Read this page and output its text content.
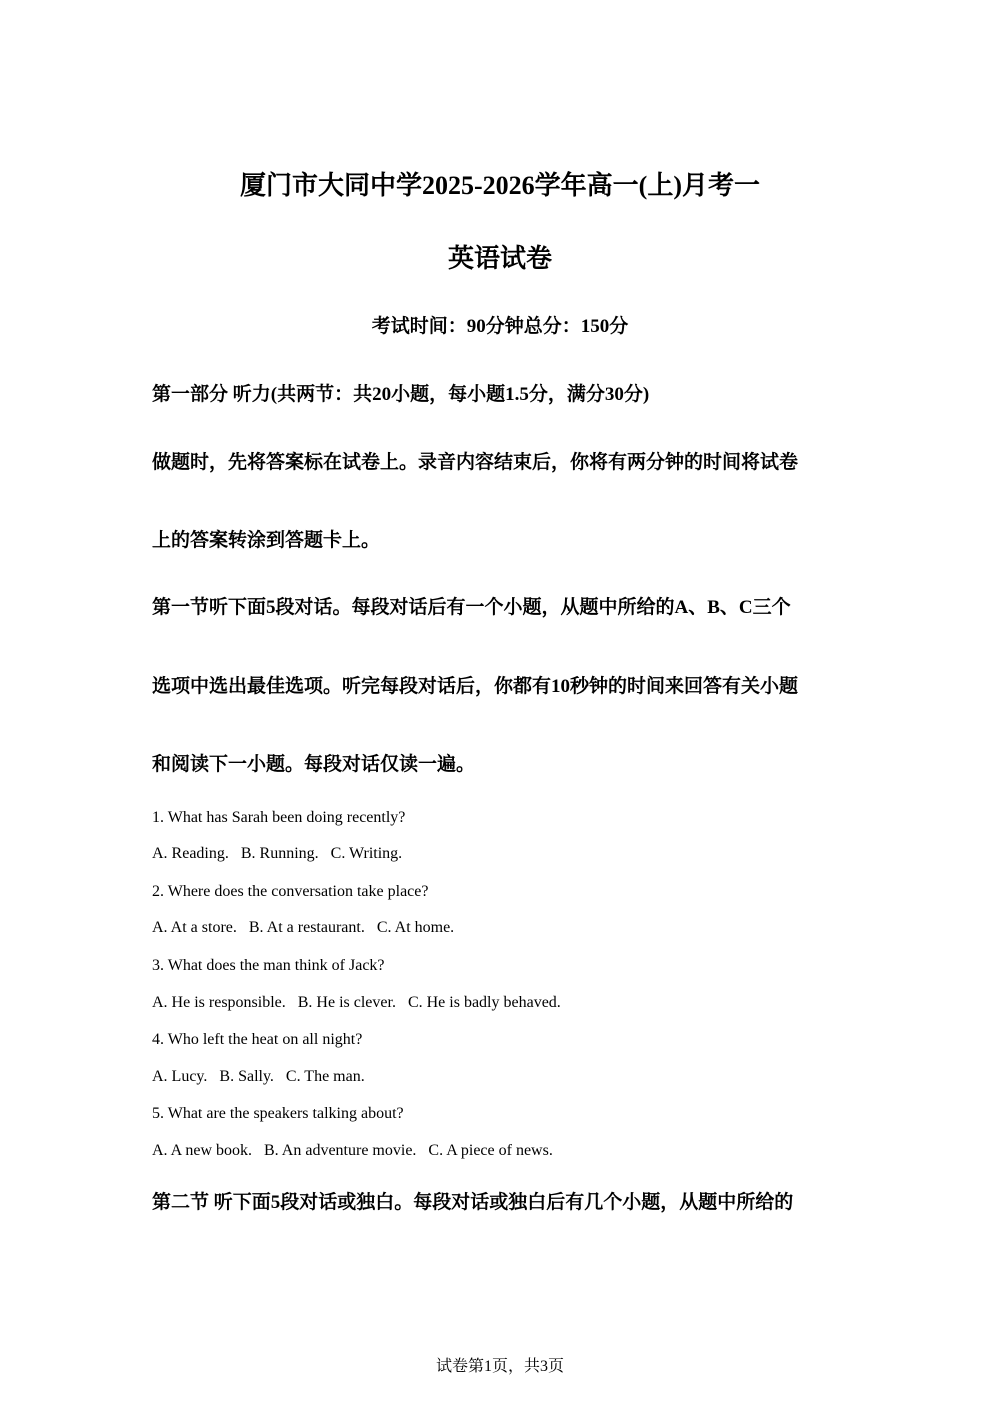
厦门市大同中学2025-2026学年高一(上)月考一
英语试卷
考试时间：90分钟总分：150分
第一部分 听力(共两节：共20小题，每小题1.5分，满分30分)
做题时，先将答案标在试卷上。录音内容结束后，你将有两分钟的时间将试卷
上的答案转涂到答题卡上。
第一节听下面5段对话。每段对话后有一个小题，从题中所给的A、B、C三个
选项中选出最佳选项。听完每段对话后，你都有10秒钟的时间来回答有关小题
和阅读下一小题。每段对话仅读一遍。
1. What has Sarah been doing recently?
A. Reading.   B. Running.   C. Writing.
2. Where does the conversation take place?
A. At a store.   B. At a restaurant.   C. At home.
3. What does the man think of Jack?
A. He is responsible.   B. He is clever.   C. He is badly behaved.
4. Who left the heat on all night?
A. Lucy.   B. Sally.   C. The man.
5. What are the speakers talking about?
A. A new book.   B. An adventure movie.   C. A piece of news.
第二节 听下面5段对话或独白。每段对话或独白后有几个小题，从题中所给的
试卷第1页，共3页
